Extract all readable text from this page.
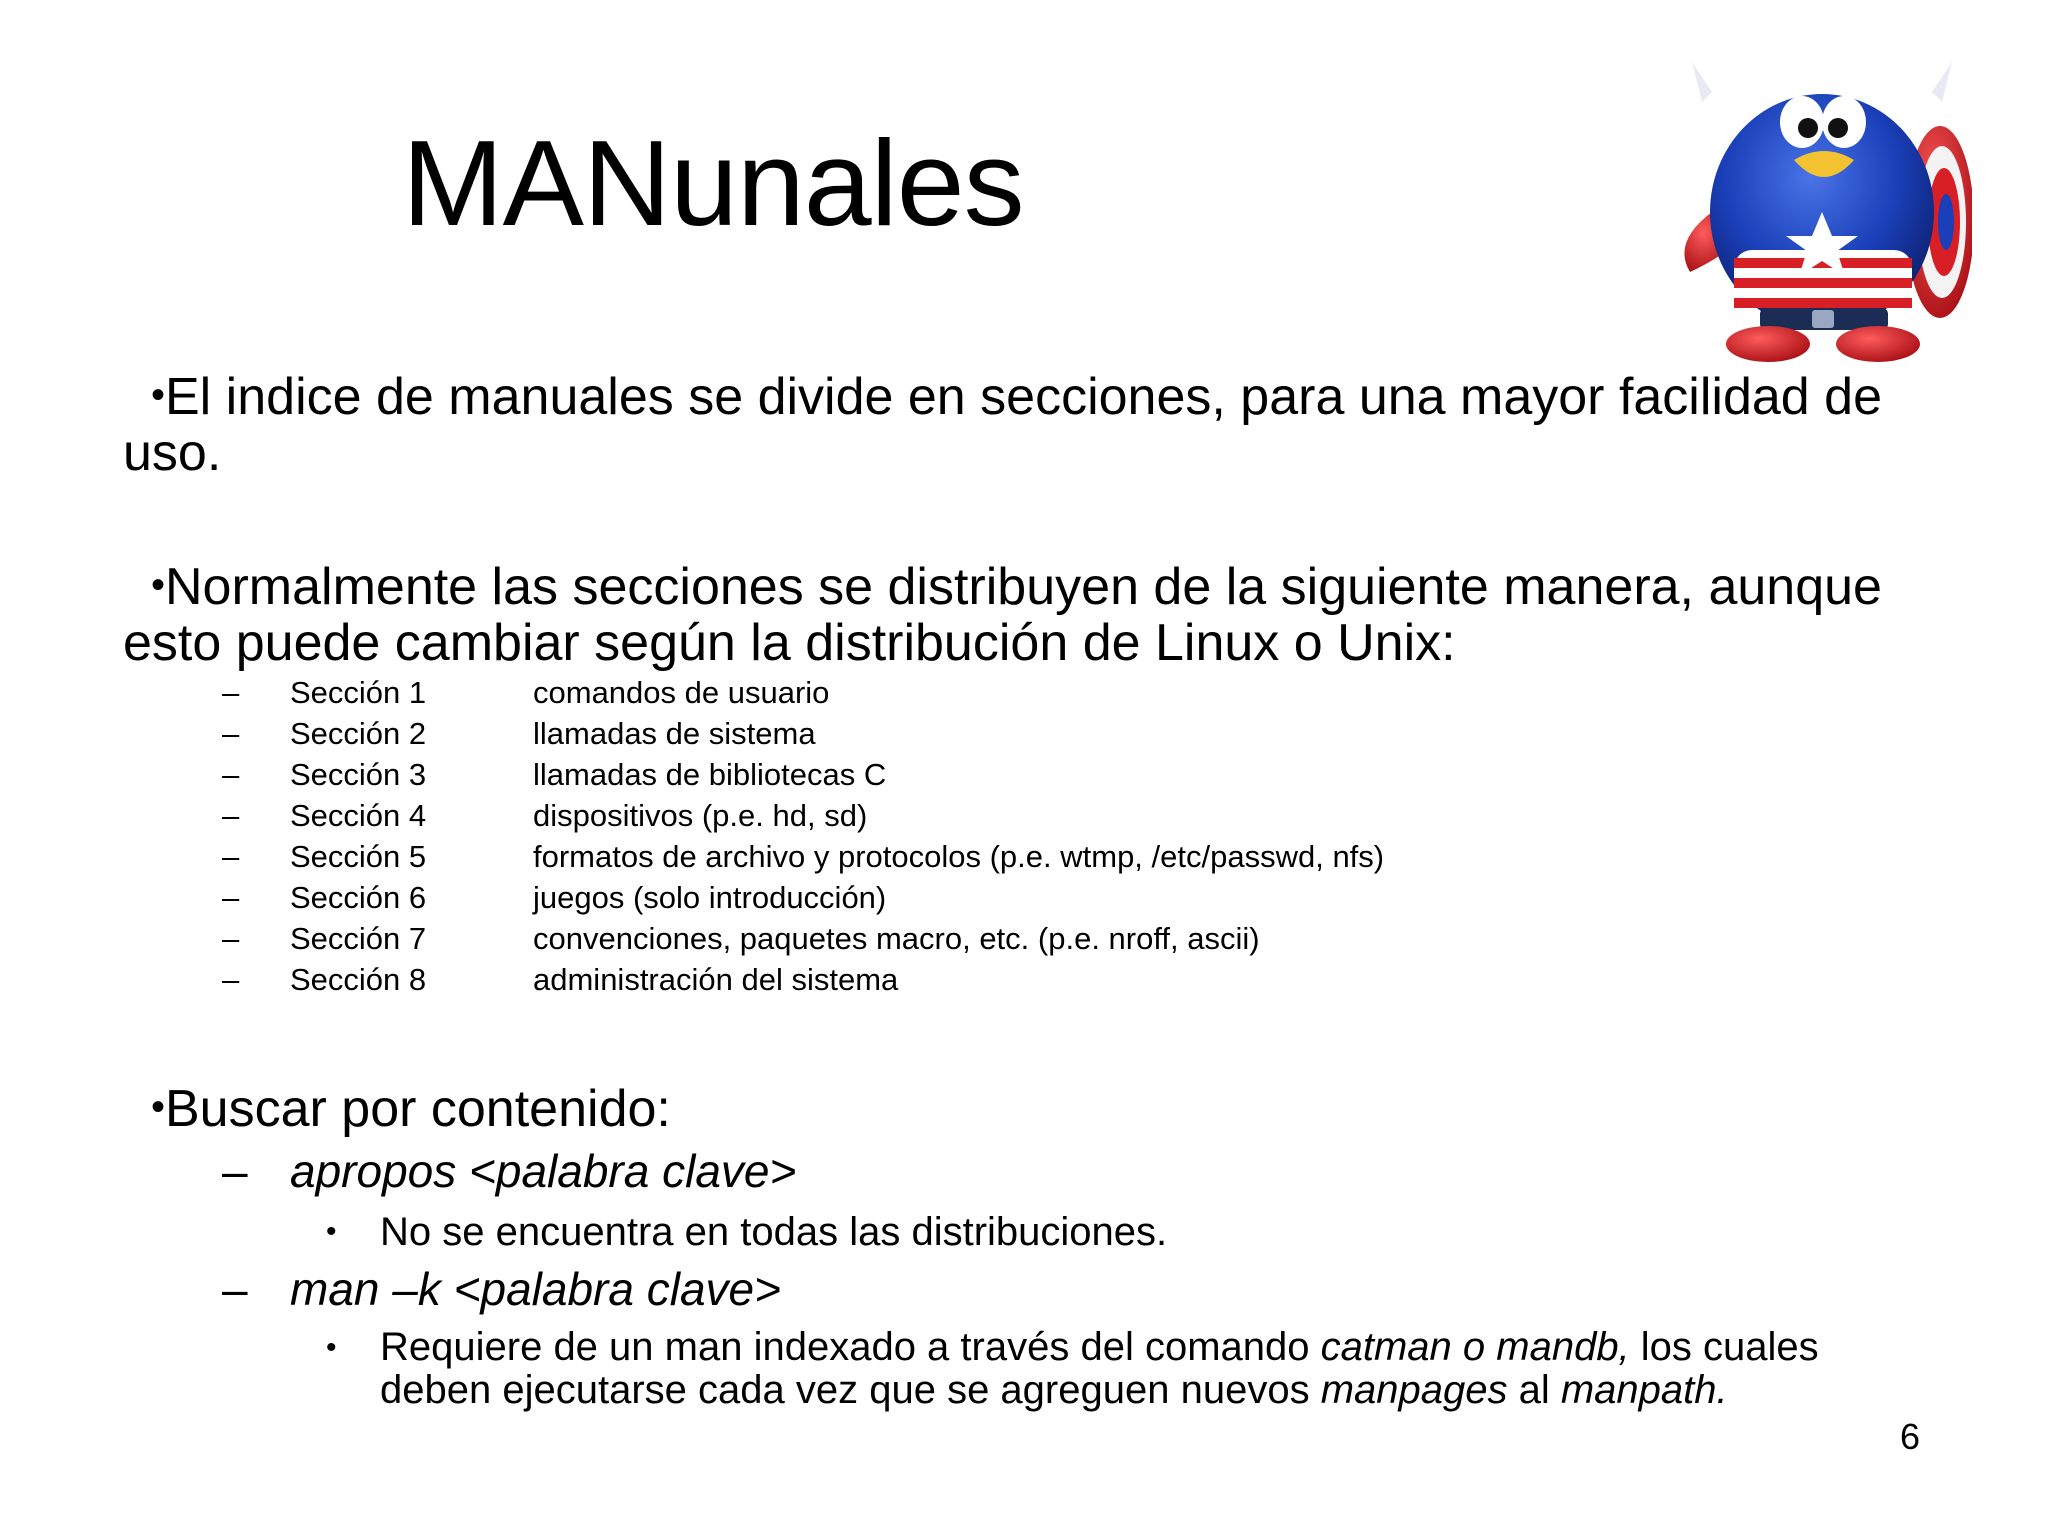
MANunales
A
•El indice de manuales se divide en secciones, para una mayor facilidad de uso.
•Normalmente las secciones se distribuyen de la siguiente manera, aunque esto puede cambiar según la distribución de Linux o Unix:
– Sección 1	comandos de usuario
– Sección 2	llamadas de sistema
– Sección 3	llamadas de bibliotecas C
– Sección 4	dispositivos (p.e. hd, sd)
– Sección 5	formatos de archivo y protocolos (p.e. wtmp, /etc/passwd, nfs)
– Sección 6	juegos (solo introducción)
– Sección 7	convenciones, paquetes macro, etc. (p.e. nroff, ascii)
– Sección 8	administración del sistema
•Buscar por contenido:
– apropos <palabra clave>
• No se encuentra en todas las distribuciones.
– man –k <palabra clave>
• Requiere de un man indexado a través del comando catman o mandb, los cuales deben ejecutarse cada vez que se agreguen nuevos manpages al manpath.
6
